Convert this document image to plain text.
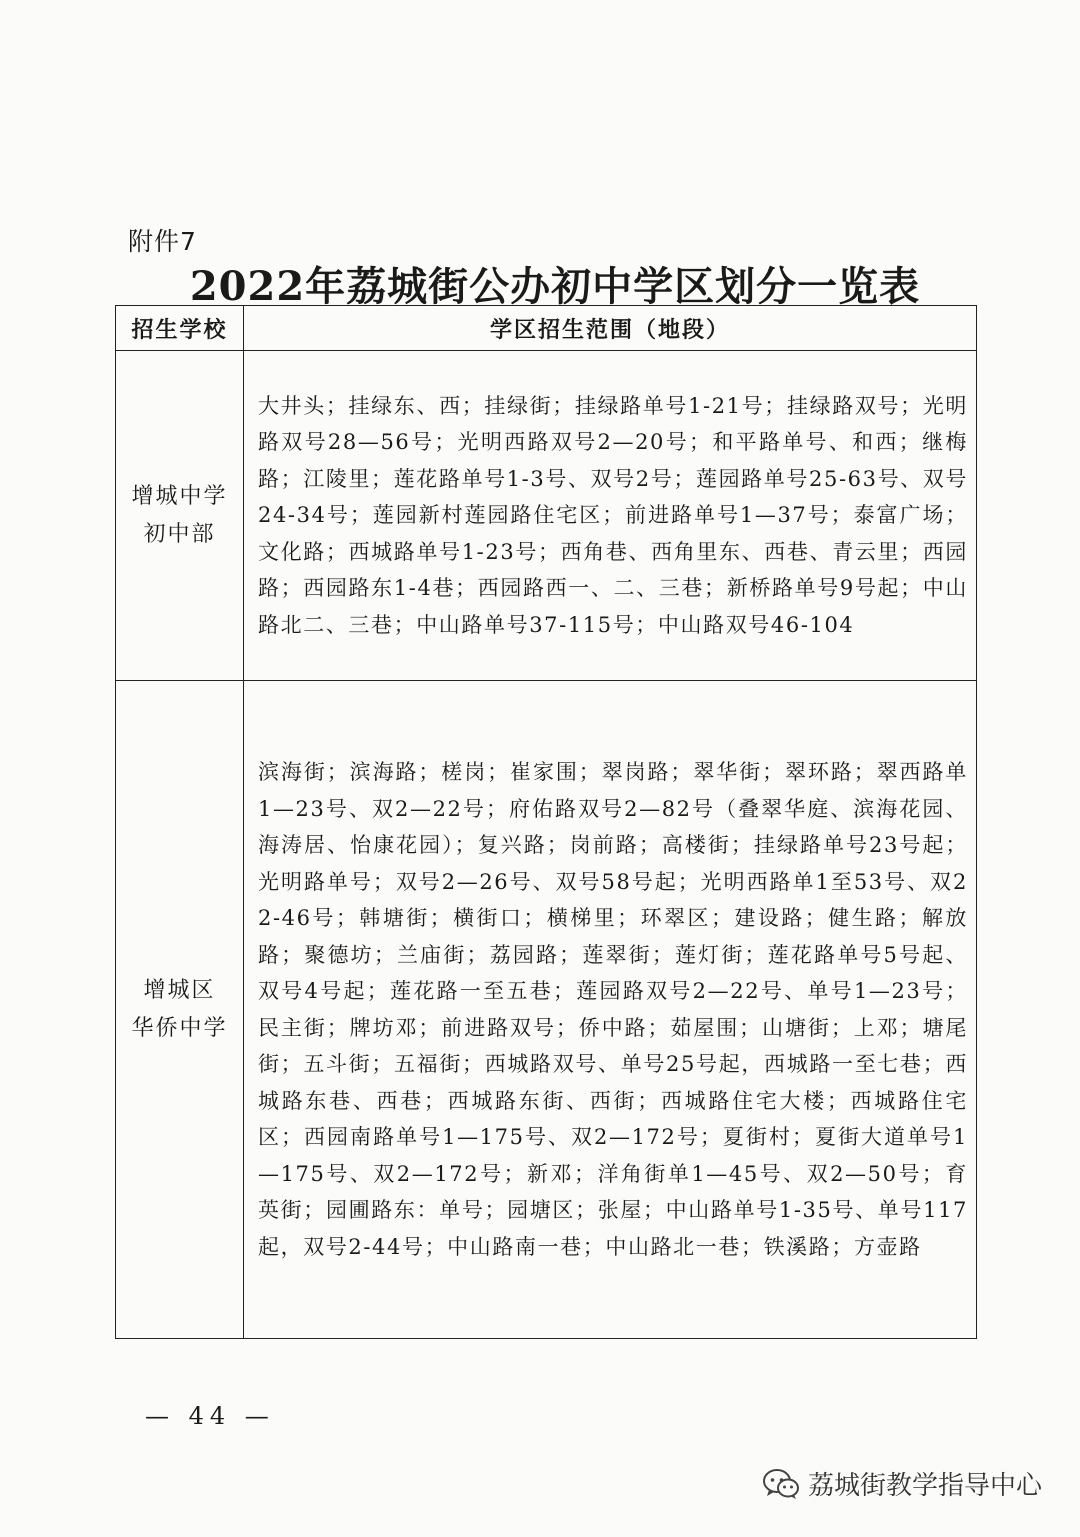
附件7
2022年荔城街公办初中学区划分一览表
招生学校	学区招生范围（地段）

增城中学
初中部	大井头；挂绿东、西；挂绿街；挂绿路单号1-21号；挂绿路双号；光明路双号28—56号；光明西路双号2—20号；和平路单号、和西；继梅路；江陵里；莲花路单号1-3号、双号2号；莲园路单号25-63号、双号24-34号；莲园新村莲园路住宅区；前进路单号1—37号；泰富广场；文化路；西城路单号1-23号；西角巷、西角里东、西巷、青云里；西园路；西园路东1-4巷；西园路西一、二、三巷；新桥路单号9号起；中山路北二、三巷；中山路单号37-115号；中山路双号46-104

增城区
华侨中学	滨海街；滨海路；槎岗；崔家围；翠岗路；翠华街；翠环路；翠西路单1—23号、双2—22号；府佑路双号2—82号（叠翠华庭、滨海花园、海涛居、怡康花园）；复兴路；岗前路；高楼街；挂绿路单号23号起；光明路单号；双号2—26号、双号58号起；光明西路单1至53号、双22-46号；韩塘街；横街口；横梯里；环翠区；建设路；健生路；解放路；聚德坊；兰庙街；荔园路；莲翠街；莲灯街；莲花路单号5号起、双号4号起；莲花路一至五巷；莲园路双号2—22号、单号1—23号；民主街；牌坊邓；前进路双号；侨中路；茹屋围；山塘街；上邓；塘尾街；五斗街；五福街；西城路双号、单号25号起，西城路一至七巷；西城路东巷、西巷；西城路东街、西街；西城路住宅大楼；西城路住宅区；西园南路单号1—175号、双2—172号；夏街村；夏街大道单号1—175号、双2—172号；新邓；洋角街单1—45号、双2—50号；育英街；园圃路东：单号；园塘区；张屋；中山路单号1-35号、单号117起，双号2-44号；中山路南一巷；中山路北一巷；铁溪路；方壶路
— 44 —
荔城街教学指导中心
